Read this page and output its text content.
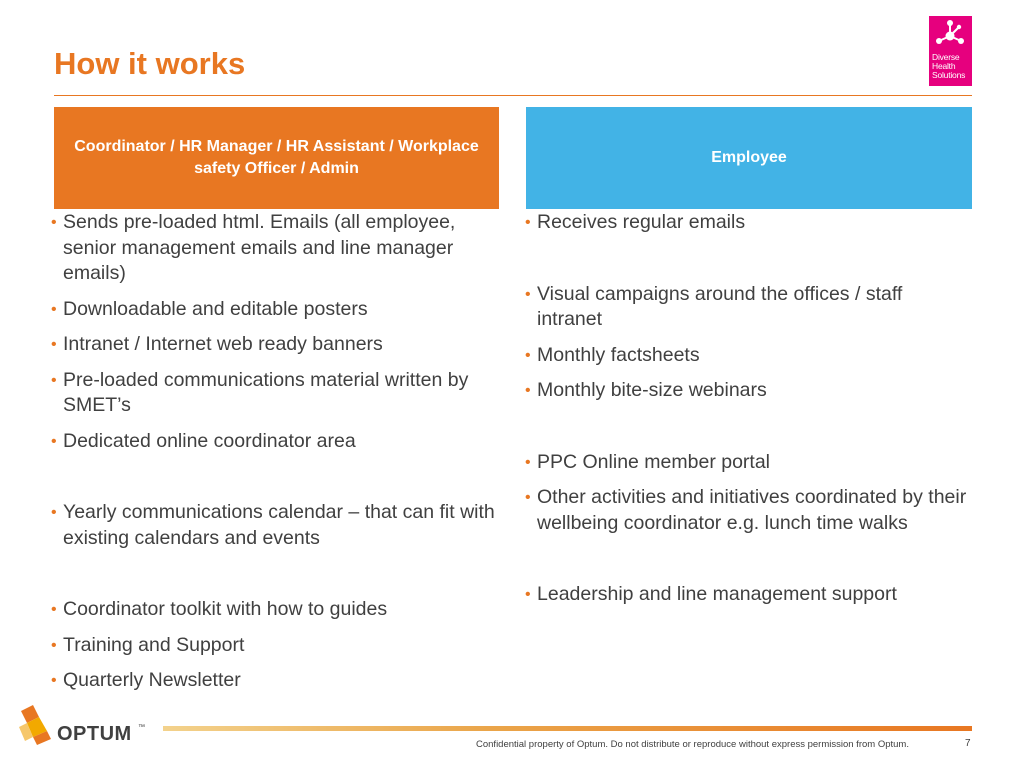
How it works	Diverse Health Solutions
Coordinator / HR Manager / HR Assistant / Workplace safety Officer / Admin
Employee
• Sends pre-loaded html. Emails (all employee, senior management emails and line manager emails)
• Downloadable and editable posters
• Intranet / Internet web ready banners
• Pre-loaded communications material written by SMET’s
• Dedicated online coordinator area
• Yearly communications calendar – that can fit with existing calendars and events
• Coordinator toolkit with how to guides
• Training and Support
• Quarterly Newsletter
• Receives regular emails
• Visual campaigns around the offices / staff intranet
• Monthly factsheets
• Monthly bite-size webinars
• PPC Online member portal
• Other activities and initiatives coordinated by their wellbeing coordinator e.g. lunch time walks
• Leadership and line management support
OPTUM ™
Confidential property of Optum. Do not distribute or reproduce without express permission from Optum.	7
